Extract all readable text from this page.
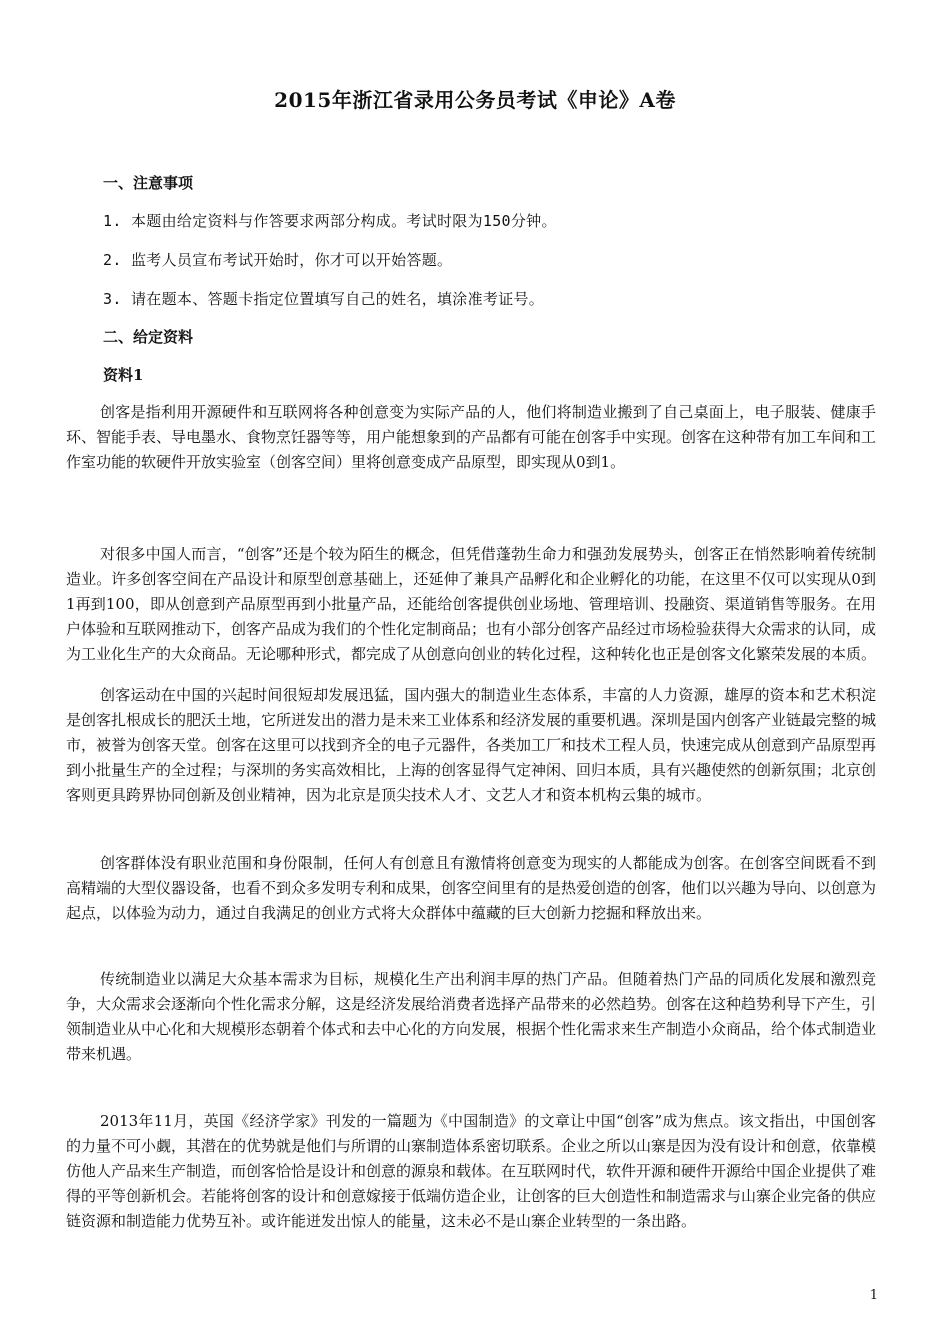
2015年浙江省录用公务员考试《申论》A卷
一、注意事项
1. 本题由给定资料与作答要求两部分构成。考试时限为150分钟。
2. 监考人员宣布考试开始时，你才可以开始答题。
3. 请在题本、答题卡指定位置填写自己的姓名，填涂准考证号。
二、给定资料
资料1

创客是指利用开源硬件和互联网将各种创意变为实际产品的人，他们将制造业搬到了自己桌面上，电子服装、健康手环、智能手表、导电墨水、食物烹饪器等等，用户能想象到的产品都有可能在创客手中实现。创客在这种带有加工车间和工作室功能的软硬件开放实验室（创客空间）里将创意变成产品原型，即实现从0到1。

对很多中国人而言，“创客”还是个较为陌生的概念，但凭借蓬勃生命力和强劲发展势头，创客正在悄然影响着传统制造业。许多创客空间在产品设计和原型创意基础上，还延伸了兼具产品孵化和企业孵化的功能，在这里不仅可以实现从0到1再到100，即从创意到产品原型再到小批量产品，还能给创客提供创业场地、管理培训、投融资、渠道销售等服务。在用户体验和互联网推动下，创客产品成为我们的个性化定制商品；也有小部分创客产品经过市场检验获得大众需求的认同，成为工业化生产的大众商品。无论哪种形式，都完成了从创意向创业的转化过程，这种转化也正是创客文化繁荣发展的本质。

创客运动在中国的兴起时间很短却发展迅猛，国内强大的制造业生态体系，丰富的人力资源，雄厚的资本和艺术积淀是创客扎根成长的肥沃土地，它所迸发出的潜力是未来工业体系和经济发展的重要机遇。深圳是国内创客产业链最完整的城市，被誉为创客天堂。创客在这里可以找到齐全的电子元器件，各类加工厂和技术工程人员，快速完成从创意到产品原型再到小批量生产的全过程；与深圳的务实高效相比，上海的创客显得气定神闲、回归本质，具有兴趣使然的创新氛围；北京创客则更具跨界协同创新及创业精神，因为北京是顶尖技术人才、文艺人才和资本机构云集的城市。

创客群体没有职业范围和身份限制，任何人有创意且有激情将创意变为现实的人都能成为创客。在创客空间既看不到高精端的大型仪器设备，也看不到众多发明专利和成果，创客空间里有的是热爱创造的创客，他们以兴趣为导向、以创意为起点，以体验为动力，通过自我满足的创业方式将大众群体中蕴藏的巨大创新力挖掘和释放出来。

传统制造业以满足大众基本需求为目标，规模化生产出利润丰厚的热门产品。但随着热门产品的同质化发展和激烈竞争，大众需求会逐渐向个性化需求分解，这是经济发展给消费者选择产品带来的必然趋势。创客在这种趋势利导下产生，引领制造业从中心化和大规模形态朝着个体式和去中心化的方向发展，根据个性化需求来生产制造小众商品，给个体式制造业带来机遇。

2013年11月，英国《经济学家》刊发的一篇题为《中国制造》的文章让中国“创客”成为焦点。该文指出，中国创客的力量不可小觑，其潜在的优势就是他们与所谓的山寨制造体系密切联系。企业之所以山寨是因为没有设计和创意，依靠模仿他人产品来生产制造，而创客恰恰是设计和创意的源泉和载体。在互联网时代，软件开源和硬件开源给中国企业提供了难得的平等创新机会。若能将创客的设计和创意嫁接于低端仿造企业，让创客的巨大创造性和制造需求与山寨企业完备的供应链资源和制造能力优势互补。或许能迸发出惊人的能量，这未必不是山寨企业转型的一条出路。

1
